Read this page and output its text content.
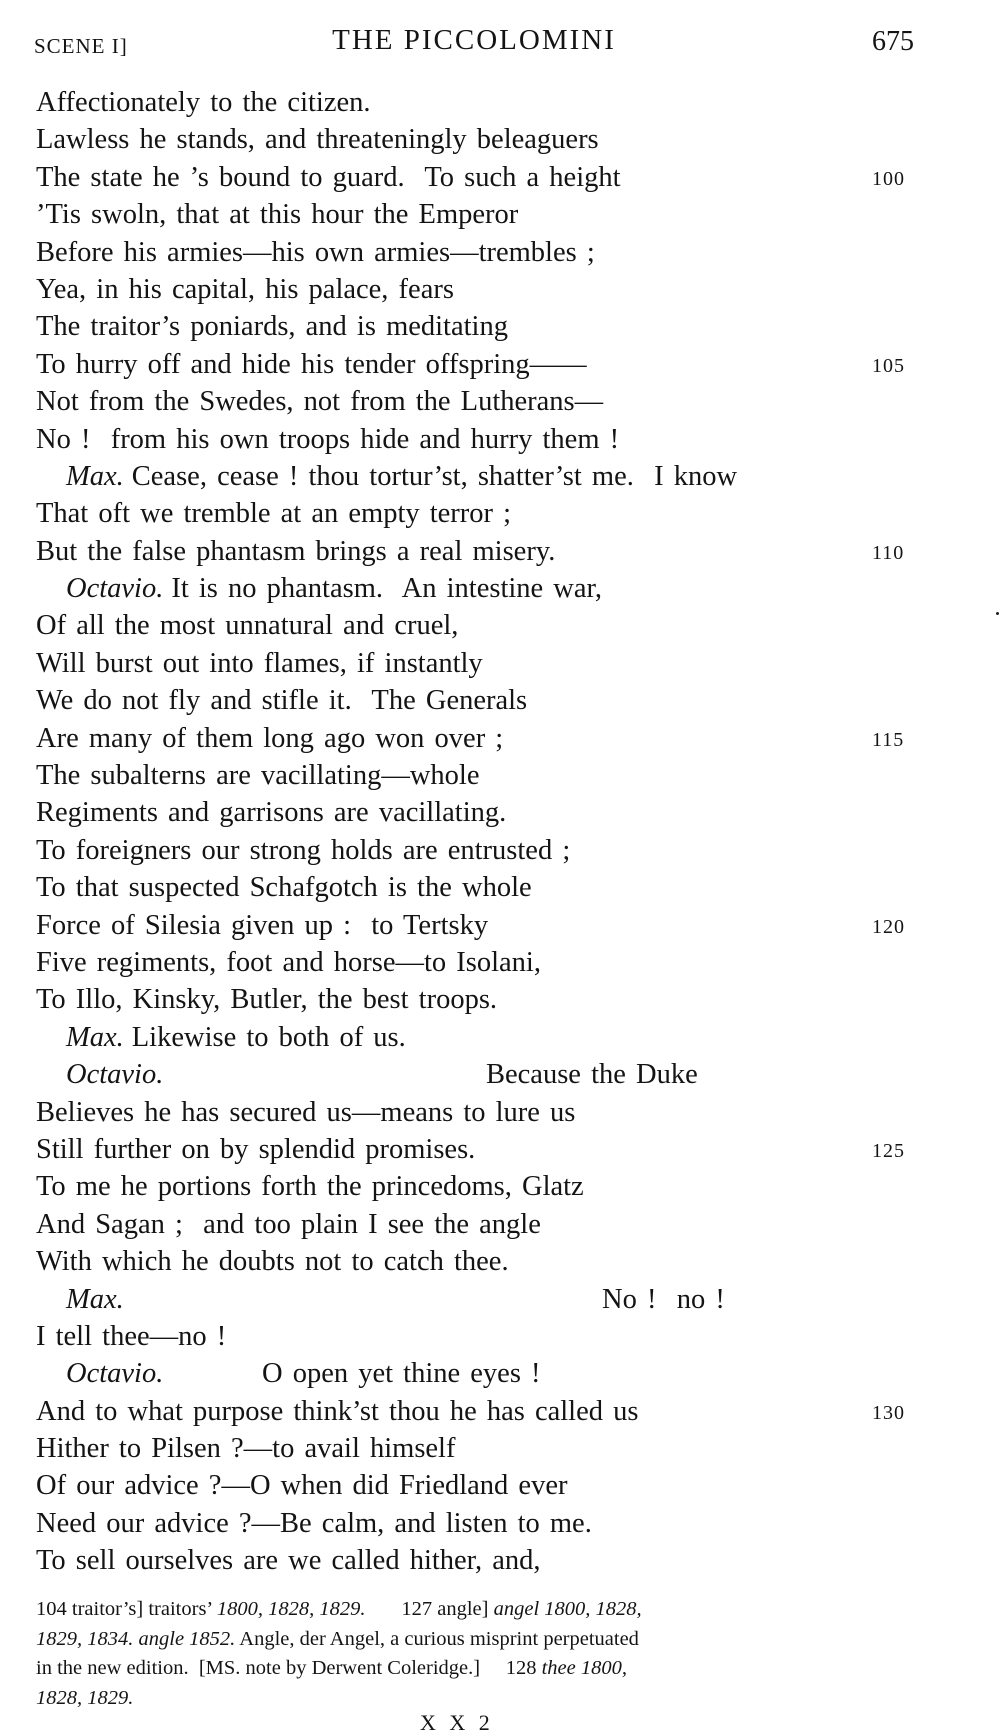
SCENE I]	THE PICCOLOMINI	675
Affectionately to the citizen.
Lawless he stands, and threateningly beleaguers
The state he ’s bound to guard.  To such a height	100
’Tis swoln, that at this hour the Emperor
Before his armies—his own armies—trembles ;
Yea, in his capital, his palace, fears
The traitor’s poniards, and is meditating
To hurry off and hide his tender offspring——	105
Not from the Swedes, not from the Lutherans—
No !  from his own troops hide and hurry them !
Max. Cease, cease ! thou tortur’st, shatter’st me.  I know
That oft we tremble at an empty terror ;
But the false phantasm brings a real misery.	110
Octavio. It is no phantasm.  An intestine war,
Of all the most unnatural and cruel,
Will burst out into flames, if instantly
We do not fly and stifle it.  The Generals
Are many of them long ago won over ;	115
The subalterns are vacillating—whole
Regiments and garrisons are vacillating.
To foreigners our strong holds are entrusted ;
To that suspected Schafgotch is the whole
Force of Silesia given up :  to Tertsky	120
Five regiments, foot and horse—to Isolani,
To Illo, Kinsky, Butler, the best troops.
Max. Likewise to both of us.
Octavio.	Because the Duke
Believes he has secured us—means to lure us
Still further on by splendid promises.	125
To me he portions forth the princedoms, Glatz
And Sagan ;  and too plain I see the angle
With which he doubts not to catch thee.
Max.	No !  no !
I tell thee—no !
Octavio.	O open yet thine eyes !
And to what purpose think’st thou he has called us	130
Hither to Pilsen ?—to avail himself
Of our advice ?—O when did Friedland ever
Need our advice ?—Be calm, and listen to me.
To sell ourselves are we called hither, and,
104 traitor’s] traitors’ 1800, 1828, 1829.       127 angle] angel 1800, 1828,
1829, 1834. angle 1852. Angle, der Angel, a curious misprint perpetuated
in the new edition.  [MS. note by Derwent Coleridge.]     128 thee 1800,
1828, 1829.
X X 2
